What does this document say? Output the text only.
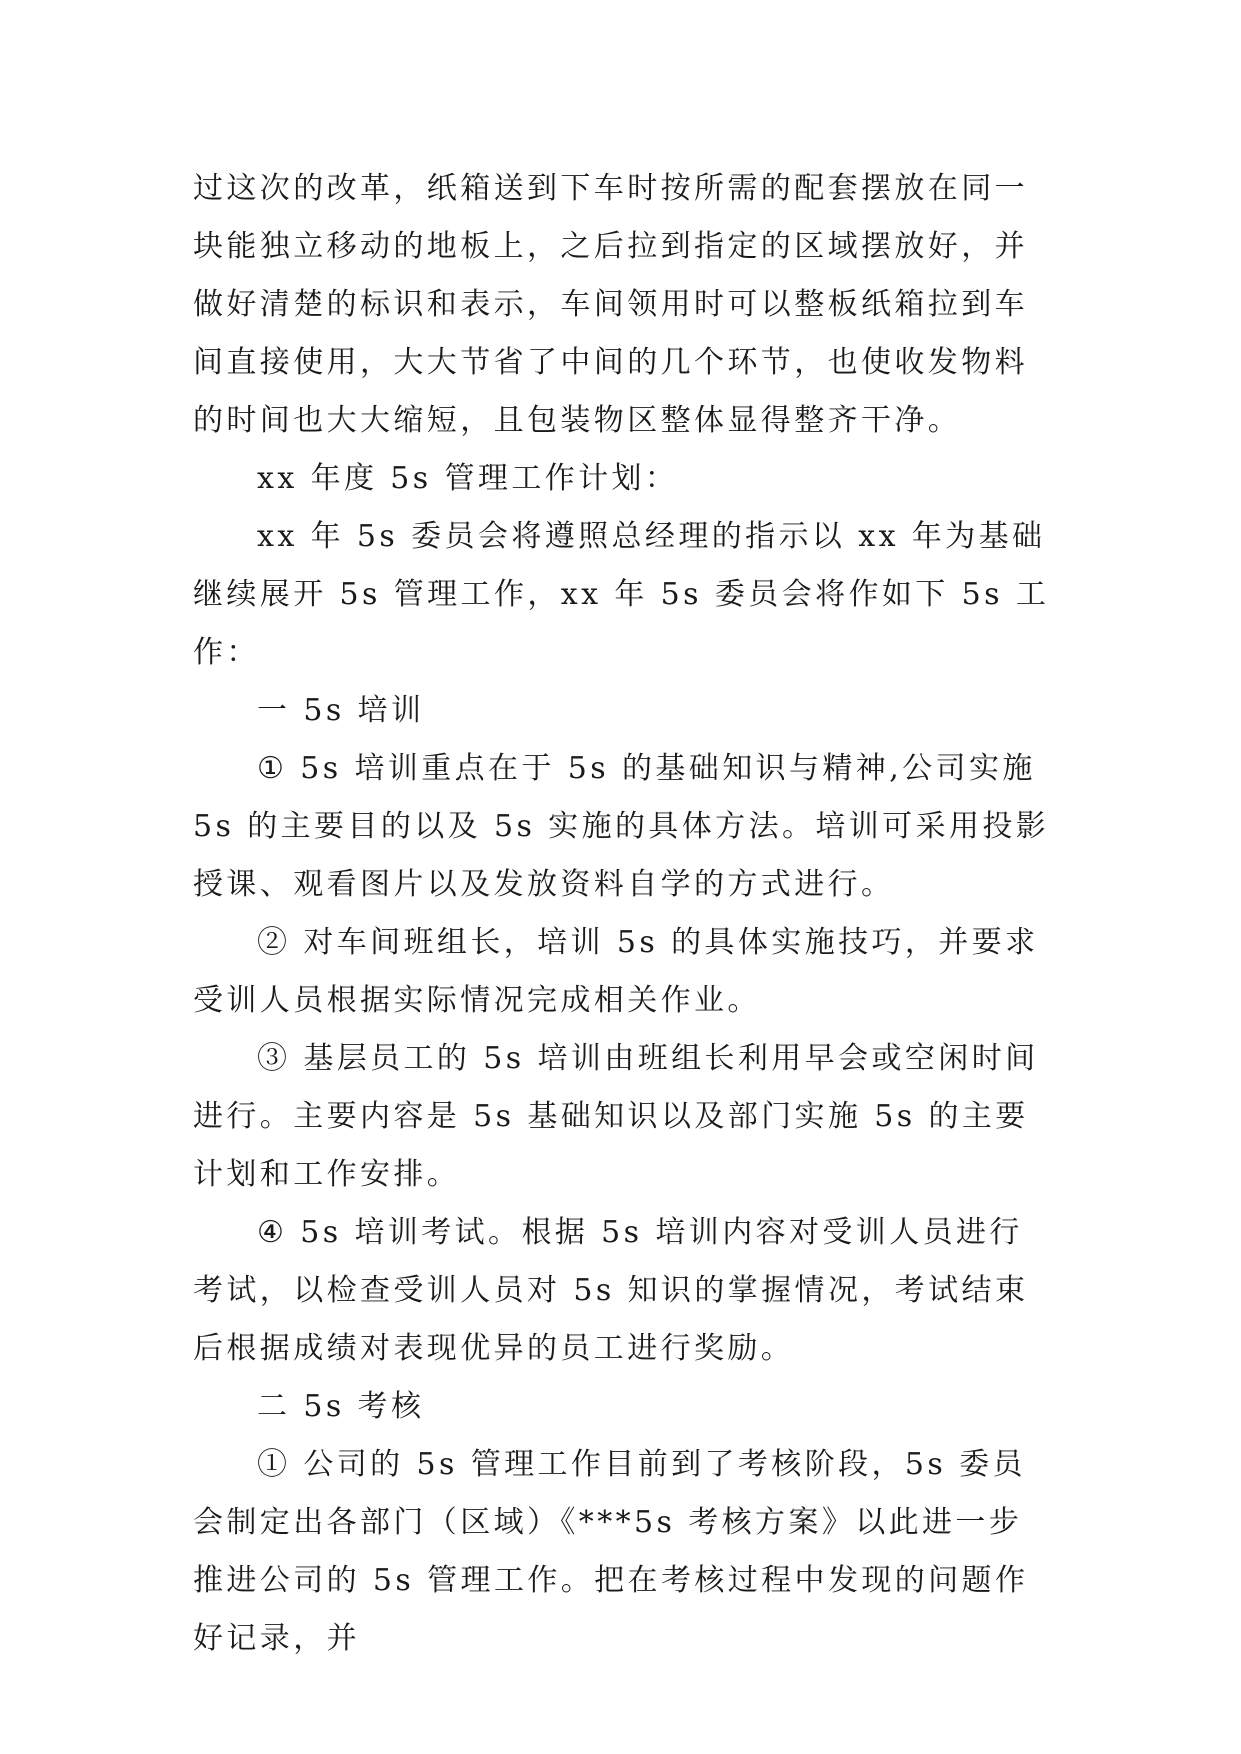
过这次的改革，纸箱送到下车时按所需的配套摆放在同一块能独立移动的地板上，之后拉到指定的区域摆放好，并做好清楚的标识和表示，车间领用时可以整板纸箱拉到车间直接使用，大大节省了中间的几个环节，也使收发物料的时间也大大缩短，且包装物区整体显得整齐干净。

xx 年度 5s 管理工作计划：

xx 年 5s 委员会将遵照总经理的指示以 xx 年为基础继续展开 5s 管理工作，xx 年 5s 委员会将作如下 5s 工作：

一 5s 培训

① 5s 培训重点在于 5s 的基础知识与精神,公司实施 5s 的主要目的以及 5s 实施的具体方法。培训可采用投影授课、观看图片以及发放资料自学的方式进行。

② 对车间班组长，培训 5s 的具体实施技巧，并要求受训人员根据实际情况完成相关作业。

③ 基层员工的 5s 培训由班组长利用早会或空闲时间进行。主要内容是 5s 基础知识以及部门实施 5s 的主要计划和工作安排。

④ 5s 培训考试。根据 5s 培训内容对受训人员进行考试，以检查受训人员对 5s 知识的掌握情况，考试结束后根据成绩对表现优异的员工进行奖励。

二 5s 考核

① 公司的 5s 管理工作目前到了考核阶段，5s 委员会制定出各部门（区域）《***5s 考核方案》以此进一步推进公司的 5s 管理工作。把在考核过程中发现的问题作好记录，并
